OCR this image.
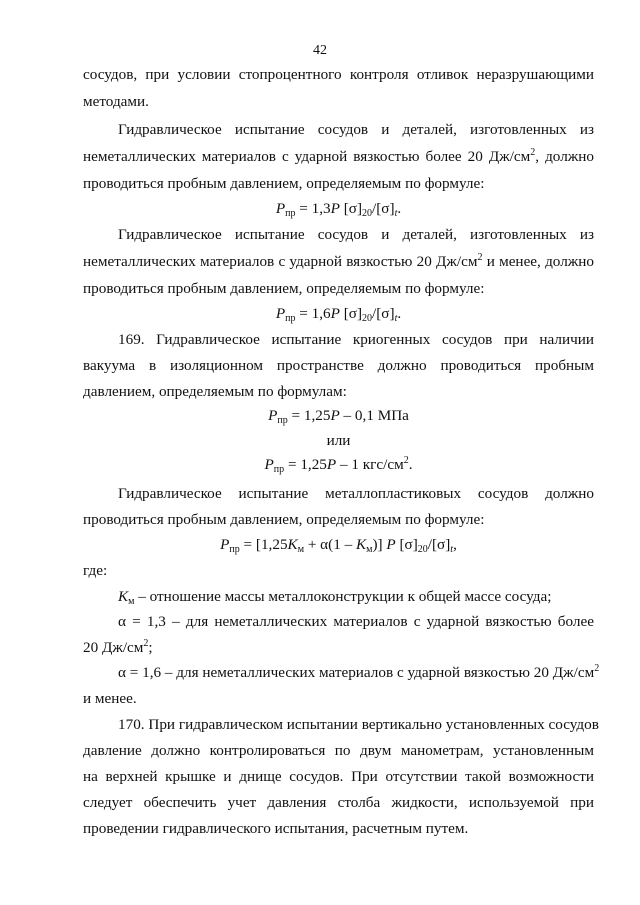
42
сосудов, при условии стопроцентного контроля отливок неразрушающими
методами.
Гидравлическое испытание сосудов и деталей, изготовленных из
неметаллических материалов с ударной вязкостью более 20 $Дж/см^2$, должно
проводиться пробным давлением, определяемым по формуле:
$P_{пр} = 1,3P$ $[\sigma]_{20}/[\sigma]_t$.
Гидравлическое испытание сосудов и деталей, изготовленных из
неметаллических материалов с ударной вязкостью 20 $Дж/см^2$ и менее, должно
проводиться пробным давлением, определяемым по формуле:
$P_{пр} = 1,6P$ $[\sigma]_{20}/[\sigma]_t$.
169. Гидравлическое испытание криогенных сосудов при наличии
вакуума в изоляционном пространстве должно проводиться пробным
давлением, определяемым по формулам:
$P_{пр} = 1,25P - 0,1$ МПа
или
$P_{пр} = 1,25P - 1$ кгс/$см^2$.
Гидравлическое испытание металлопластиковых сосудов должно
проводиться пробным давлением, определяемым по формуле:
$P_{пр} = [1,25K_м + \alpha(1 - K_м)]$ P $[\sigma]_{20}/[\sigma]_t$,
где:
$K_м$ – отношение массы металлоконструкции к общей массе сосуда;
α = 1,3 – для неметаллических материалов с ударной вязкостью более
20 $Дж/см^2$;
α = 1,6 – для неметаллических материалов с ударной вязкостью 20 $Дж/см^2$
и менее.
170. При гидравлическом испытании вертикально установленных сосудов
давление должно контролироваться по двум манометрам, установленным
на верхней крышке и днище сосудов. При отсутствии такой возможности
следует обеспечить учет давления столба жидкости, используемой при
проведении гидравлического испытания, расчетным путем.
